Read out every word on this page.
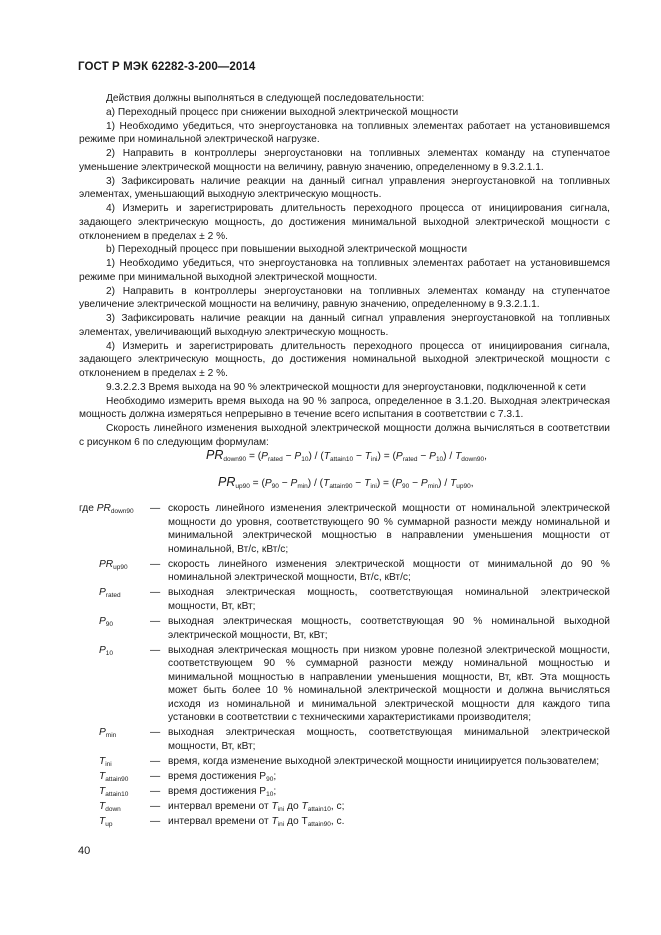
ГОСТ Р МЭК 62282-3-200—2014

Действия должны выполняться в следующей последовательности:

а) Переходный процесс при снижении выходной электрической мощности

1) Необходимо убедиться, что энергоустановка на топливных элементах работает на установившемся режиме при номинальной электрической нагрузке.

2) Направить в контроллеры энергоустановки на топливных элементах команду на ступенчатое уменьшение электрической мощности на величину, равную значению, определенному в 9.3.2.1.1.

3) Зафиксировать наличие реакции на данный сигнал управления энергоустановкой на топливных элементах, уменьшающий выходную электрическую мощность.

4) Измерить и зарегистрировать длительность переходного процесса от инициирования сигнала, задающего электрическую мощность, до достижения минимальной выходной электрической мощности с отклонением в пределах ± 2 %.

b) Переходный процесс при повышении выходной электрической мощности

1) Необходимо убедиться, что энергоустановка на топливных элементах работает на установившемся режиме при минимальной выходной электрической мощности.

2) Направить в контроллеры энергоустановки на топливных элементах команду на ступенчатое увеличение электрической мощности на величину, равную значению, определенному в 9.3.2.1.1.

3) Зафиксировать наличие реакции на данный сигнал управления энергоустановкой на топливных элементах, увеличивающий выходную электрическую мощность.

4) Измерить и зарегистрировать длительность переходного процесса от инициирования сигнала, задающего электрическую мощность, до достижения номинальной выходной электрической мощности с отклонением в пределах ± 2 %.

9.3.2.2.3 Время выхода на 90 % электрической мощности для энергоустановки, подключенной к сети

Необходимо измерить время выхода на 90 % запроса, определенное в 3.1.20. Выходная электрическая мощность должна измеряться непрерывно в течение всего испытания в соответствии с 7.3.1.

Скорость линейного изменения выходной электрической мощности должна вычисляться в соответствии с рисунком 6 по следующим формулам:

$PR_{down90} = (P_{rated} - P_{10}) / (T_{attain10} - T_{ini}) = (P_{rated} - P_{10}) / T_{down90}$,
$PR_{up90} = (P_{90} - P_{min}) / (T_{attain90} - T_{ini}) = (P_{90} - P_{min}) / T_{up90}$,
где $PR_{down90}$ — скорость линейного изменения электрической мощности от номинальной электрической мощности до уровня, соответствующего 90 % суммарной разности между номинальной и минимальной электрической мощностью в направлении уменьшения мощности от номинальной, Вт/с, кВт/с;
$PR_{up90}$ — скорость линейного изменения электрической мощности от минимальной до 90 % номинальной электрической мощности, Вт/с, кВт/с;
$P_{rated}$	— выходная электрическая мощность, соответствующая номинальной электрической мощности, Вт, кВт;
$P_{90}$	— выходная электрическая мощность, соответствующая 90 % номинальной выходной электрической мощности, Вт, кВт;
$P_{10}$	— выходная электрическая мощность при низком уровне полезной электрической мощности, соответствующем 90 % суммарной разности между номинальной мощностью и минимальной мощностью в направлении уменьшения мощности, Вт, кВт. Эта мощность может быть более 10 % номинальной электрической мощности и должна вычисляться исходя из номинальной и минимальной электрической мощности для каждого типа установки в соответствии с техническими характеристиками производителя;
$P_{min}$	— выходная электрическая мощность, соответствующая минимальной электрической мощности, Вт, кВт;
$T_{ini}$	— время, когда изменение выходной электрической мощности инициируется пользователем;
$T_{attain90}$ — время достижения $P_{90}$;
$T_{attain10}$ — время достижения $P_{10}$;
$T_{down}$	— интервал времени от $T_{ini}$ до $T_{attain10}$, с;
$T_{up}$	— интервал времени от $T_{ini}$ до $T_{attain90}$, с.
40
